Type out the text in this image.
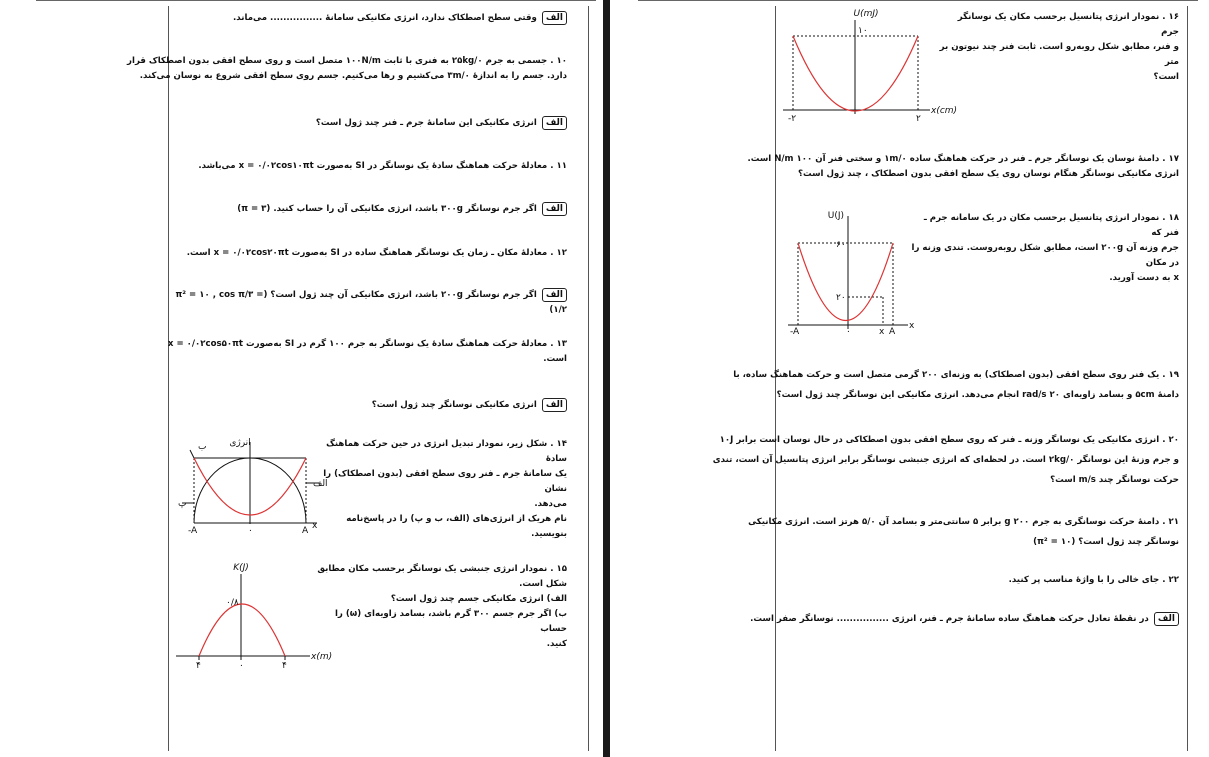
الفوقتی سطح اصطکاک ندارد، انرژی مکانیکی سامانهٔ ................ می‌ماند.
۱۰ .جسمی به جرم ۲۵kg/۰ به فنری با ثابت ۱۰۰N/m متصل است و روی سطح افقی بدون اصطکاک قرار
دارد. جسم را به اندازهٔ ۳m/۰ می‌کشیم و رها می‌کنیم. جسم روی سطح افقی شروع به نوسان می‌کند.
الفانرژی مکانیکی این سامانهٔ جرم ـ فنر چند ژول است؟
۱۱ .معادلهٔ حرکت هماهنگ سادهٔ یک نوسانگر در SI به‌صورت x = ۰/۰۲cos۱۰πt می‌باشد.
الفاگر جرم نوسانگر ۳۰۰g باشد، انرژی مکانیکی آن را حساب کنید. (π = ۳)
۱۲ .معادلهٔ مکان ـ زمان یک نوسانگر هماهنگ ساده در SI به‌صورت x = ۰/۰۲cos۲۰πt است.
الفاگر جرم نوسانگر ۲۰۰g باشد، انرژی مکانیکی آن چند ژول است؟ (π² = ۱۰ , cos π/۳ = ۱/۲)
۱۳ .معادلهٔ حرکت هماهنگ سادهٔ یک نوسانگر به جرم ۱۰۰ گرم در SI به‌صورت x = ۰/۰۲cos۵۰πt
است.
الفانرژی مکانیکی نوسانگر چند ژول است؟
۱۴ .شکل زیر، نمودار تبدیل انرژی در حین حرکت هماهنگ سادهٔ
یک سامانهٔ جرم ـ فنر روی سطح افقی (بدون اصطکاک) را نشان
می‌دهد.
نام هریک از انرژی‌های (الف، ب و پ) را در پاسخ‌نامه بنویسید.
انرژی
ب
پ
الف
-A	۰	A x
۱۵ .نمودار انرژی جنبشی یک نوسانگر برحسب مکان مطابق
شکل است.
الف) انرژی مکانیکی جسم چند ژول است؟
ب) اگر جرم جسم ۳۰۰ گرم باشد، بسامد زاویه‌ای (ω) را حساب
کنید.
K(J)
۰/۸
۴	۰	۴
x(m)
۱۶ .نمودار انرژی پتانسیل برحسب مکان یک نوسانگر جرم
و فنر، مطابق شکل روبه‌رو است. ثابت فنر چند نیوتون بر متر
است؟
U(mJ)
۱۰
-۲	۲
x(cm)
۱۷ .دامنهٔ نوسان یک نوسانگر جرم ـ فنر در حرکت هماهنگ ساده ۱m/۰ و سختی فنر آن ۱۰۰ N/m است.
انرژی مکانیکی نوسانگر هنگام نوسان روی یک سطح افقی بدون اصطکاک ، چند ژول است؟
۱۸ .نمودار انرژی پتانسیل برحسب مکان در یک سامانه جرم ـ فنر که
جرم وزنه آن ۲۰۰g است، مطابق شکل روبه‌روست. تندی وزنه را در مکان
x به دست آورید.
U(J)
۶۰
۲۰
-A	۰	x A
x
۱۹ .یک فنر روی سطح افقی (بدون اصطکاک) به وزنه‌ای ۲۰۰ گرمی متصل است و حرکت هماهنگ ساده، با
دامنهٔ ۵cm و بسامد زاویه‌ای ۲۰ rad/s انجام می‌دهد. انرژی مکانیکی این نوسانگر چند ژول است؟
۲۰ .انرژی مکانیکی یک نوسانگر وزنه ـ فنر که روی سطح افقی بدون اصطکاکی در حال نوسان است برابر ۱۰J
و جرم وزنهٔ این نوسانگر ۲kg/۰ است. در لحظه‌ای که انرژی جنبشی نوسانگر برابر انرژی پتانسیل آن است، تندی
حرکت نوسانگر چند m/s است؟
۲۱ .دامنهٔ حرکت نوسانگری به جرم ۲۰۰ g برابر ۵ سانتی‌متر و بسامد آن ۵/۰ هرتز است. انرژی مکانیکی
نوسانگر چند ژول است؟ (π² = ۱۰)
۲۲ .جای خالی را با واژهٔ مناسب پر کنید.
الفدر نقطهٔ تعادل حرکت هماهنگ ساده سامانهٔ جرم ـ فنر، انرژی ................ نوسانگر صفر است.
